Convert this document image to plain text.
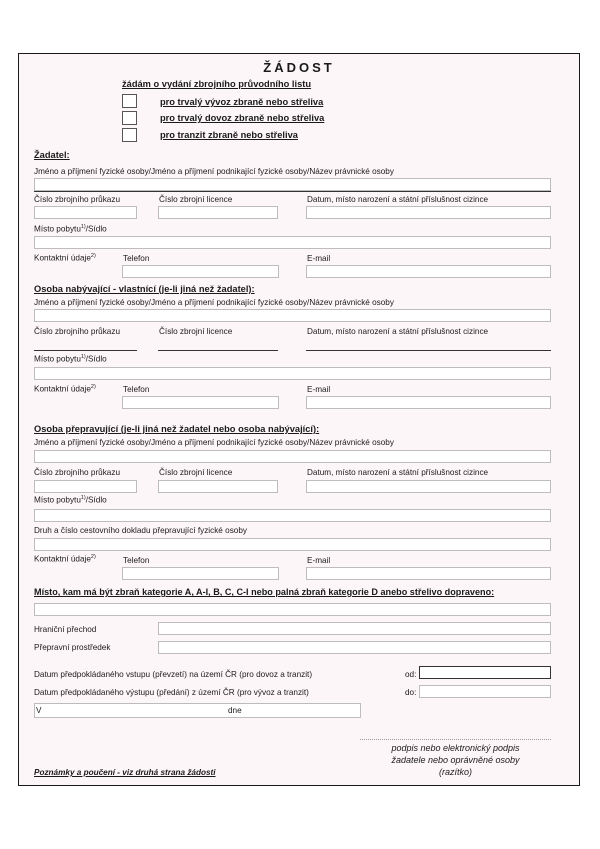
ŽÁDOST
žádám o vydání zbrojního průvodního listu
pro trvalý vývoz zbraně nebo střeliva
pro trvalý dovoz zbraně nebo střeliva
pro tranzit zbraně nebo střeliva
Žadatel:
Jméno a příjmení fyzické osoby/Jméno a příjmení podnikající fyzické osoby/Název právnické osoby
Číslo zbrojního průkazu	Číslo zbrojní licence	Datum, místo narození a státní příslušnost cizince
Místo pobytu$^{1)}$/Sídlo
Kontaktní údaje$^{2)}$	Telefon	E-mail
Osoba nabývající - vlastnící (je-li jiná než žadatel):
Jméno a příjmení fyzické osoby/Jméno a příjmení podnikající fyzické osoby/Název právnické osoby
Číslo zbrojního průkazu	Číslo zbrojní licence	Datum, místo narození a státní příslušnost cizince
Místo pobytu$^{1)}$/Sídlo
Kontaktní údaje$^{2)}$	Telefon	E-mail
Osoba přepravující (je-li jiná než žadatel nebo osoba nabývající):
Jméno a příjmení fyzické osoby/Jméno a příjmení podnikající fyzické osoby/Název právnické osoby
Číslo zbrojního průkazu	Číslo zbrojní licence	Datum, místo narození a státní příslušnost cizince
Místo pobytu$^{1)}$/Sídlo
Druh a číslo cestovního dokladu přepravující fyzické osoby
Kontaktní údaje$^{2)}$	Telefon	E-mail
Místo, kam má být zbraň kategorie A, A-I, B, C, C-I nebo palná zbraň kategorie D anebo střelivo dopraveno:
Hraniční přechod
Přepravní prostředek
Datum předpokládaného vstupu (převzetí) na území ČR (pro dovoz a tranzit)	od:
Datum předpokládaného výstupu (předání) z území ČR (pro vývoz a tranzit)	do:
V	dne
podpis nebo elektronický podpis
žadatele nebo oprávněné osoby
(razítko)
Poznámky a poučení - viz druhá strana žádosti
